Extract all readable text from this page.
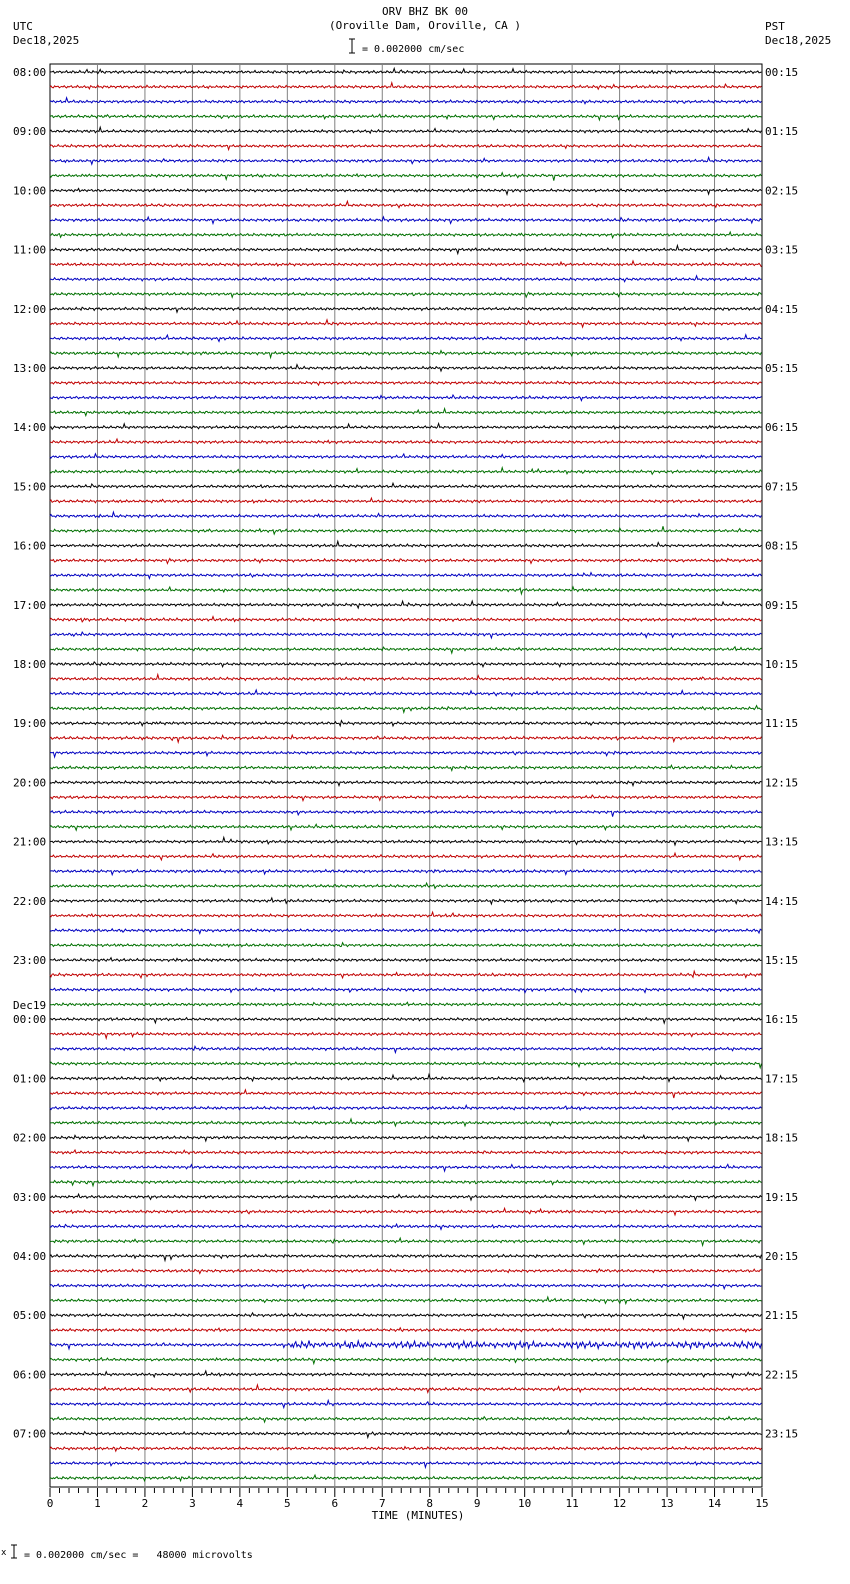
ORV BHZ BK 00
(Oroville Dam, Oroville, CA )
UTC
Dec18,2025
PST
Dec18,2025
= 0.002000 cm/sec
08:00
09:00
10:00
11:00
12:00
13:00
14:00
15:00
16:00
17:00
18:00
19:00
20:00
21:00
22:00
23:00
00:00
01:00
02:00
03:00
04:00
05:00
06:00
07:00
00:15
01:15
02:15
03:15
04:15
05:15
06:15
07:15
08:15
09:15
10:15
11:15
12:15
13:15
14:15
15:15
16:15
17:15
18:15
19:15
20:15
21:15
22:15
23:15
Dec19
0	1	2	3	4	5	6	7	8	9	10	11	12	13	14	15
TIME (MINUTES)
x = 0.002000 cm/sec =   48000 microvolts
